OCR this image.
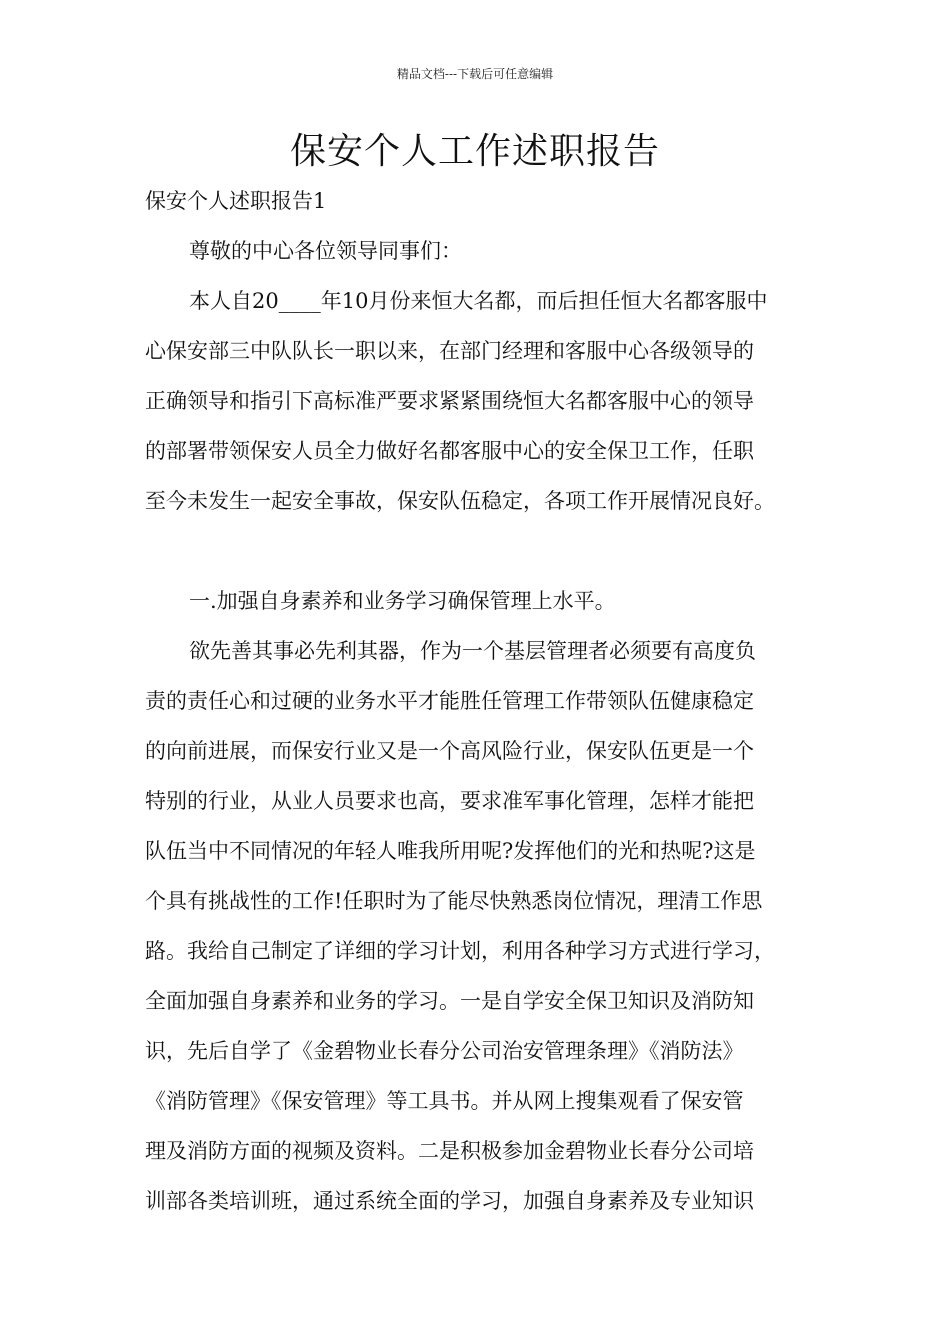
精品文档---下载后可任意编辑
保安个人工作述职报告

保安个人述职报告1

尊敬的中心各位领导同事们：

本人自20____年10月份来恒大名都，而后担任恒大名都客服中

心保安部三中队队长一职以来，在部门经理和客服中心各级领导的

正确领导和指引下高标准严要求紧紧围绕恒大名都客服中心的领导

的部署带领保安人员全力做好名都客服中心的安全保卫工作，任职

至今未发生一起安全事故，保安队伍稳定，各项工作开展情况良好。

一.加强自身素养和业务学习确保管理上水平。

欲先善其事必先利其器，作为一个基层管理者必须要有高度负

责的责任心和过硬的业务水平才能胜任管理工作带领队伍健康稳定

的向前进展，而保安行业又是一个高风险行业，保安队伍更是一个

特别的行业，从业人员要求也高，要求准军事化管理，怎样才能把

队伍当中不同情况的年轻人唯我所用呢?发挥他们的光和热呢?这是

个具有挑战性的工作!任职时为了能尽快熟悉岗位情况，理清工作思

路。我给自己制定了详细的学习计划，利用各种学习方式进行学习，

全面加强自身素养和业务的学习。一是自学安全保卫知识及消防知

识，先后自学了《金碧物业长春分公司治安管理条理》《消防法》

《消防管理》《保安管理》等工具书。并从网上搜集观看了保安管

理及消防方面的视频及资料。二是积极参加金碧物业长春分公司培

训部各类培训班，通过系统全面的学习，加强自身素养及专业知识
